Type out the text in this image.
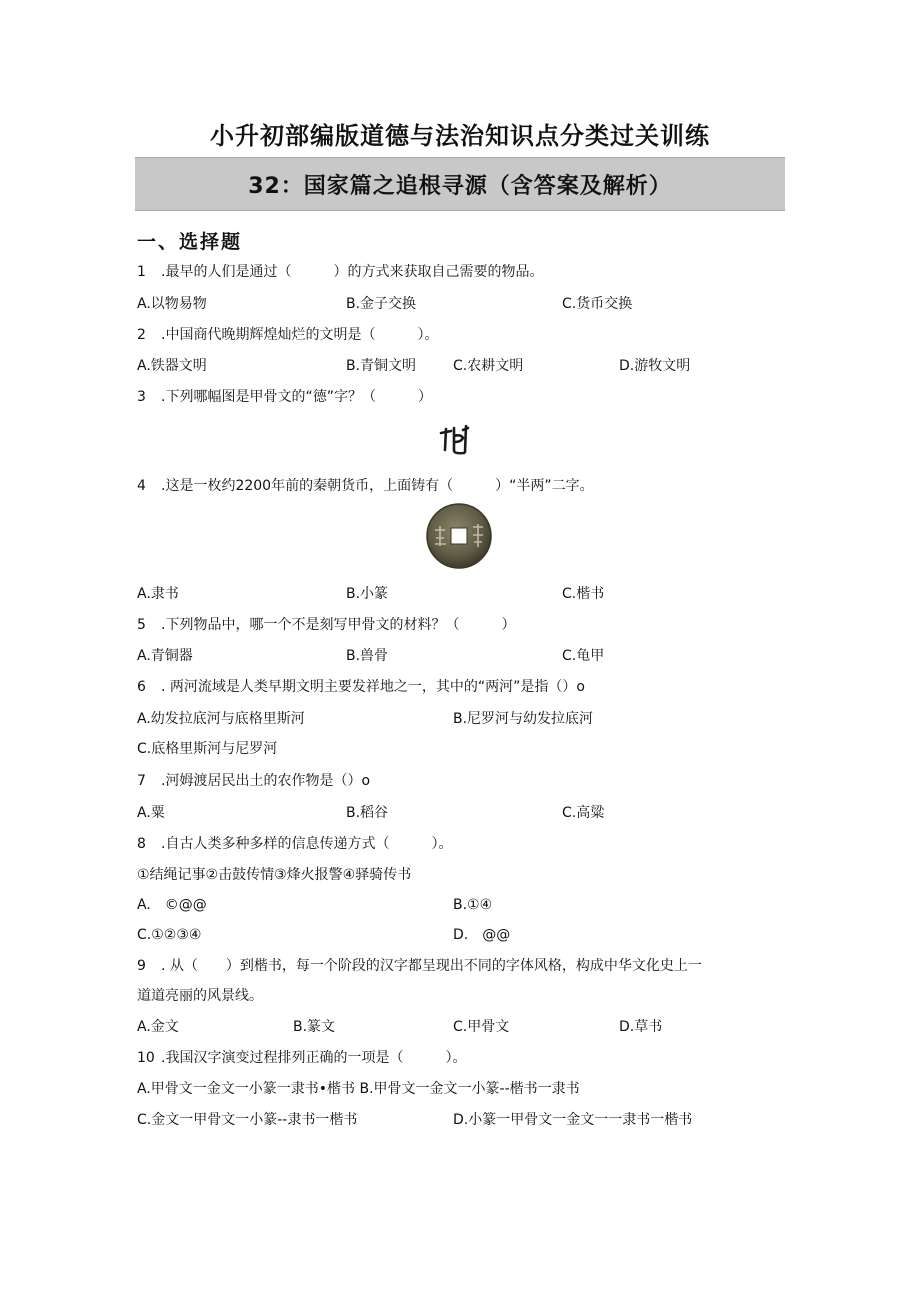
小升初部编版道德与法治知识点分类过关训练
32：国家篇之追根寻源（含答案及解析）
一、选择题
1 .最早的人们是通过（　　　）的方式来获取自己需要的物品。
A.以物易物	B.金子交换	C.货币交换
2 .中国商代晚期辉煌灿烂的文明是（　　　）。
A.铁器文明	B.青铜文明	C.农耕文明	D.游牧文明
3 .下列哪幅图是甲骨文的“德”字？（　　　）
4 .这是一枚约2200年前的秦朝货币，上面铸有（　　　）“半两”二字。
A.隶书	B.小篆	C.楷书
5 .下列物品中，哪一个不是刻写甲骨文的材料？（　　　）
A.青铜器	B.兽骨	C.龟甲
6 . 两河流域是人类早期文明主要发祥地之一，其中的“两河”是指（）o
A.幼发拉底河与底格里斯河	B.尼罗河与幼发拉底河
C.底格里斯河与尼罗河
7 .河姆渡居民出土的农作物是（）o
A.粟	B.稻谷	C.高粱
8 .自古人类多种多样的信息传递方式（　　　）。
①结绳记事②击鼓传情③烽火报警④驿骑传书
A.　©@@	B.①④
C.①②③④	D.　@@
9 . 从（　　）到楷书，每一个阶段的汉字都呈现出不同的字体风格，构成中华文化史上一
道道亮丽的风景线。
A.金文	B.篆文	C.甲骨文	D.草书
10 .我国汉字演变过程排列正确的一项是（　　　）。
A.甲骨文一金文一小篆一隶书•楷书 B.甲骨文一金文一小篆--楷书一隶书
C.金文一甲骨文一小篆--隶书一楷书	D.小篆一甲骨文一金文一一隶书一楷书
